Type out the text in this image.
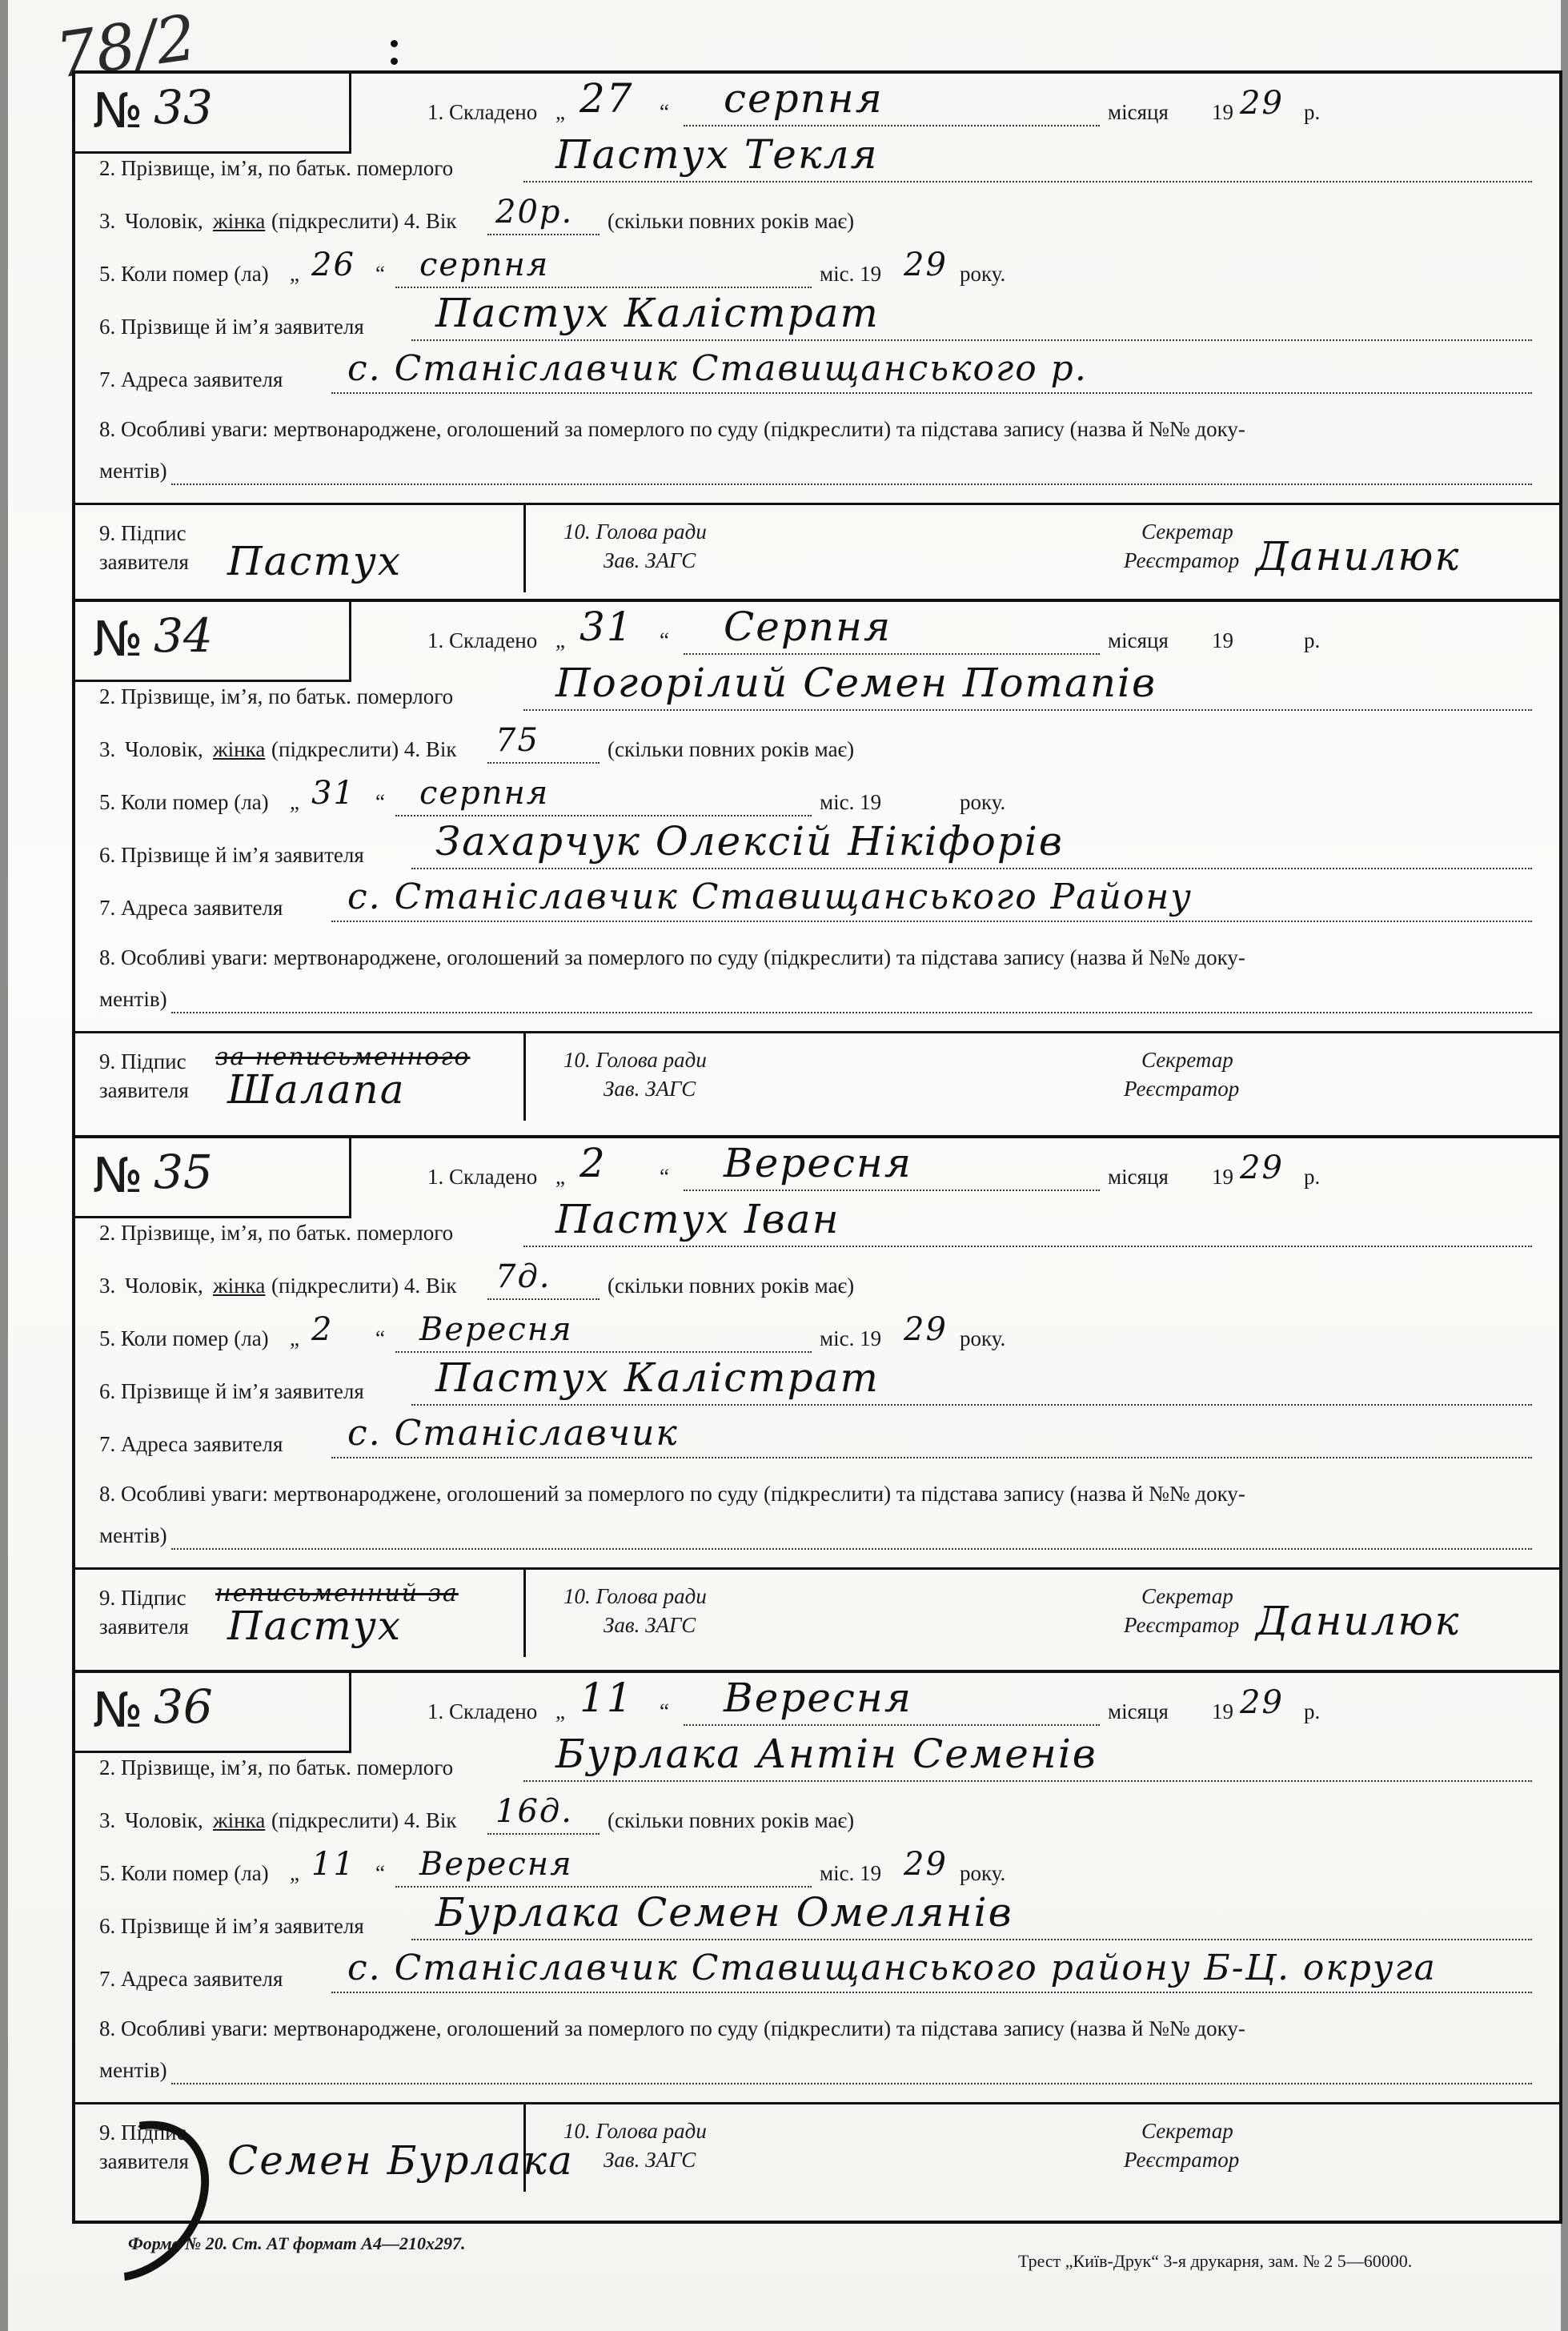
78/2
№ 33	1. Складено „ 27 “ серпня	місяця 19 29 р.
2. Прізвище, ім’я, по батьк. померлого	Пастух Текля
3. Чоловік, жінка (підкреслити) 4. Вік 20р. (скільки повних років має)
5. Коли помер (ла) „ 26 “ серпня	міс. 19 29 року.
6. Прізвище й ім’я заявителя Пастух Калістрат
7. Адреса заявителя с. Станіславчик Ставищанського р.
8. Особливі уваги: мертвонароджене, оголошений за померлого по суду (підкреслити) та підстава запису (назва й №№ доку-
ментів)
9. Підпис
заявителя Пастух
10. Голова ради
Зав. ЗАГС
Секретар
Реєстратор Данилюк
№ 34	1. Складено „ 31 “ Серпня	місяця 19	р.
2. Прізвище, ім’я, по батьк. померлого	Погорілий Семен Потапів
3. Чоловік, жінка (підкреслити) 4. Вік 75	(скільки повних років має)
5. Коли помер (ла) „ 31 “ серпня	міс. 19	року.
6. Прізвище й ім’я заявителя Захарчук Олексій Нікіфорів
7. Адреса заявителя с. Станіславчик Ставищанського Району
8. Особливі уваги: мертвонароджене, оголошений за померлого по суду (підкреслити) та підстава запису (назва й №№ доку-
ментів)
9. Підпис
заявителя
за неписьменного
Шалапа
10. Голова ради
Зав. ЗАГС
Секретар
Реєстратор
№ 35	1. Складено „ 2 “ Вересня	місяця 19 29 р.
2. Прізвище, ім’я, по батьк. померлого	Пастух Іван
3. Чоловік, жінка (підкреслити) 4. Вік 7д.	(скільки повних років має)
5. Коли помер (ла) „ 2 “ Вересня	міс. 19 29 року.
6. Прізвище й ім’я заявителя Пастух Калістрат
7. Адреса заявителя с. Станіславчик
8. Особливі уваги: мертвонароджене, оголошений за померлого по суду (підкреслити) та підстава запису (назва й №№ доку-
ментів)
9. Підпис
заявителя
неписьменний за
Пастух
10. Голова ради
Зав. ЗАГС
Секретар
Реєстратор Данилюк
№ 36	1. Складено „ 11 “ Вересня	місяця 19 29 р.
2. Прізвище, ім’я, по батьк. померлого	Бурлака Антін Семенів
3. Чоловік, жінка (підкреслити) 4. Вік 16д. (скільки повних років має)
5. Коли помер (ла) „ 11 “ Вересня	міс. 19 29 року.
6. Прізвище й ім’я заявителя Бурлака Семен Омелянів
7. Адреса заявителя с. Станіславчик Ставищанського району Б-Ц. округа
8. Особливі уваги: мертвонароджене, оголошений за померлого по суду (підкреслити) та підстава запису (назва й №№ доку-
ментів)
9. Підпис
заявителя Семен Бурлака
10. Голова ради
Зав. ЗАГС
Секретар
Реєстратор
Форма № 20. Ст. АТ формат А4—210х297.
Трест „Київ-Друк“ 3-я друкарня, зам. № 2 5—60000.
